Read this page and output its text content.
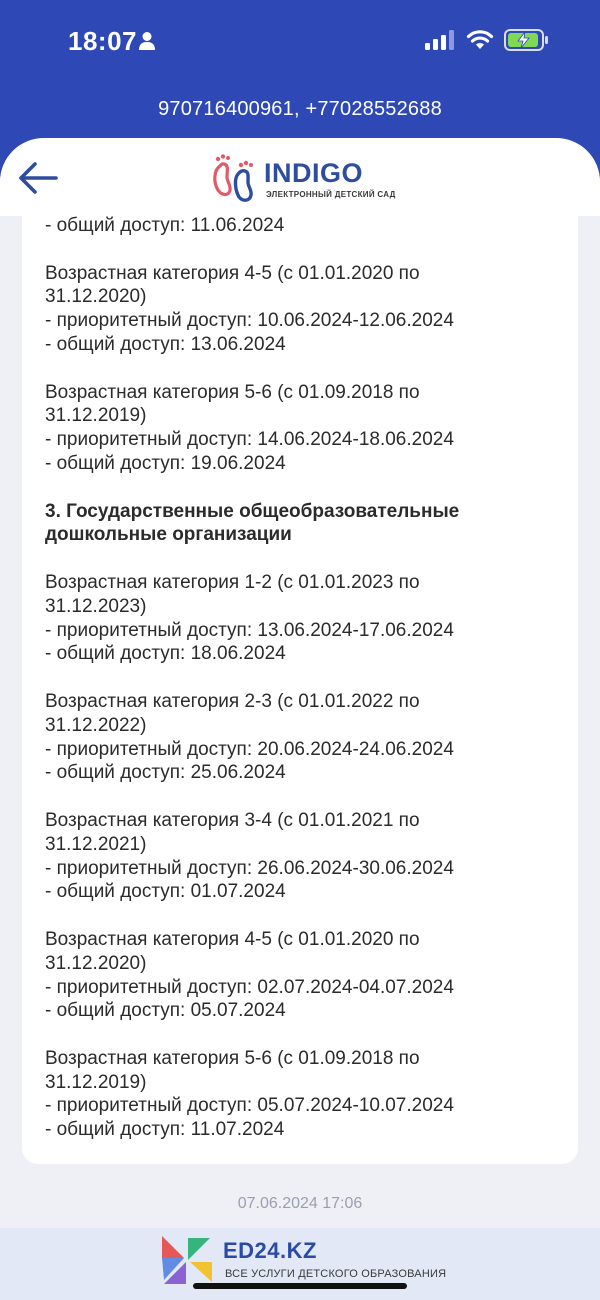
18:07
970716400961, +77028552688
INDIGO
ЭЛЕКТРОННЫЙ ДЕТСКИЙ САД
- общий доступ: 11.06.2024
Возрастная категория 4-5 (с 01.01.2020 по
31.12.2020)
- приоритетный доступ: 10.06.2024-12.06.2024
- общий доступ: 13.06.2024
Возрастная категория 5-6 (с 01.09.2018 по
31.12.2019)
- приоритетный доступ: 14.06.2024-18.06.2024
- общий доступ: 19.06.2024
3. Государственные общеобразовательные
дошкольные организации
Возрастная категория 1-2 (с 01.01.2023 по
31.12.2023)
- приоритетный доступ: 13.06.2024-17.06.2024
- общий доступ: 18.06.2024
Возрастная категория 2-3 (с 01.01.2022 по
31.12.2022)
- приоритетный доступ: 20.06.2024-24.06.2024
- общий доступ: 25.06.2024
Возрастная категория 3-4 (с 01.01.2021 по
31.12.2021)
- приоритетный доступ: 26.06.2024-30.06.2024
- общий доступ: 01.07.2024
Возрастная категория 4-5 (с 01.01.2020 по
31.12.2020)
- приоритетный доступ: 02.07.2024-04.07.2024
- общий доступ: 05.07.2024
Возрастная категория 5-6 (с 01.09.2018 по
31.12.2019)
- приоритетный доступ: 05.07.2024-10.07.2024
- общий доступ: 11.07.2024
07.06.2024 17:06
ED24.KZ
ВСЕ УСЛУГИ ДЕТСКОГО ОБРАЗОВАНИЯ
